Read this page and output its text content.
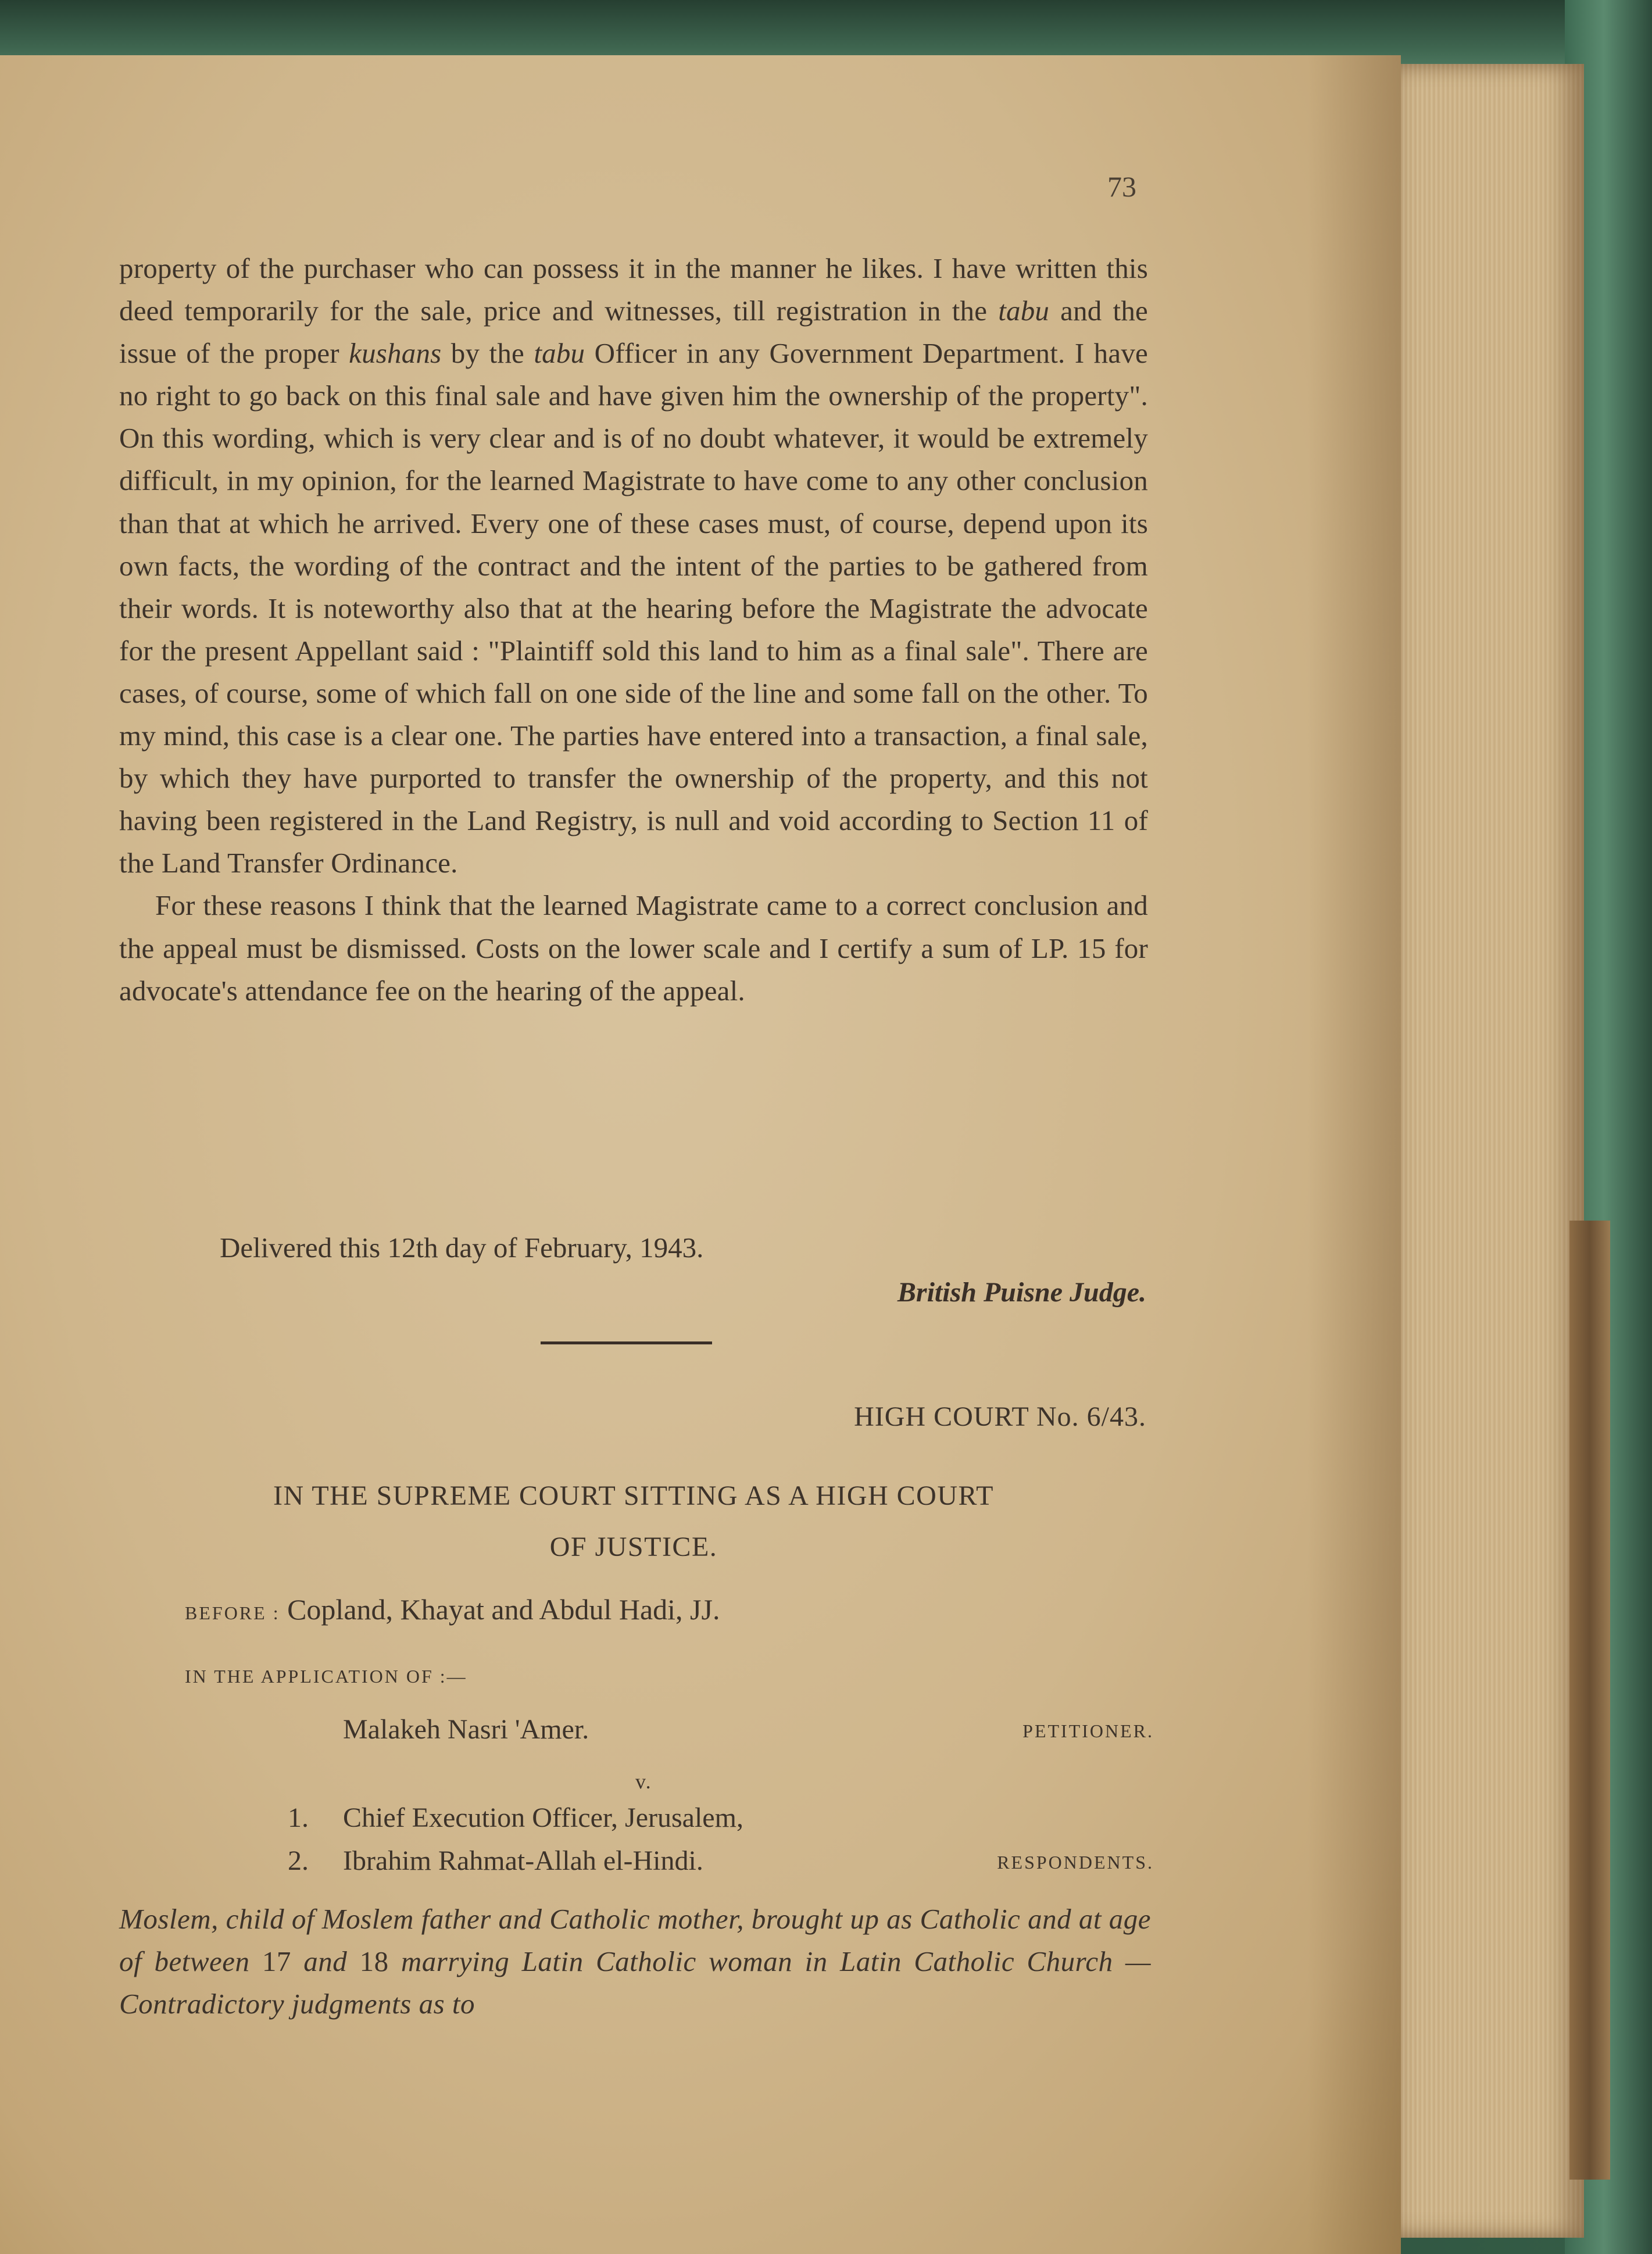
73

property of the purchaser who can possess it in the manner he likes. I have written this deed temporarily for the sale, price and witnesses, till registration in the tabu and the issue of the proper kushans by the tabu Officer in any Government Department. I have no right to go back on this final sale and have given him the ownership of the property". On this wording, which is very clear and is of no doubt whatever, it would be extremely difficult, in my opinion, for the learned Magistrate to have come to any other conclusion than that at which he arrived. Every one of these cases must, of course, depend upon its own facts, the wording of the contract and the intent of the parties to be gathered from their words. It is noteworthy also that at the hearing before the Magistrate the advocate for the present Appellant said : "Plaintiff sold this land to him as a final sale". There are cases, of course, some of which fall on one side of the line and some fall on the other. To my mind, this case is a clear one. The parties have entered into a transaction, a final sale, by which they have purported to transfer the ownership of the property, and this not having been registered in the Land Registry, is null and void according to Section 11 of the Land Transfer Ordinance.

For these reasons I think that the learned Magistrate came to a correct conclusion and the appeal must be dismissed. Costs on the lower scale and I certify a sum of LP. 15 for advocate's attendance fee on the hearing of the appeal.

Delivered this 12th day of February, 1943.
British Puisne Judge.
HIGH COURT No. 6/43.
IN THE SUPREME COURT SITTING AS A HIGH COURT
OF JUSTICE.
BEFORE : Copland, Khayat and Abdul Hadi, JJ.
IN THE APPLICATION OF :—
Malakeh Nasri 'Amer.	PETITIONER.
v.
1. Chief Execution Officer, Jerusalem,
2. Ibrahim Rahmat-Allah el-Hindi.	RESPONDENTS.

Moslem, child of Moslem father and Catholic mother, brought up as Catholic and at age of between 17 and 18 marrying Latin Catholic woman in Latin Catholic Church — Contradictory judgments as to
